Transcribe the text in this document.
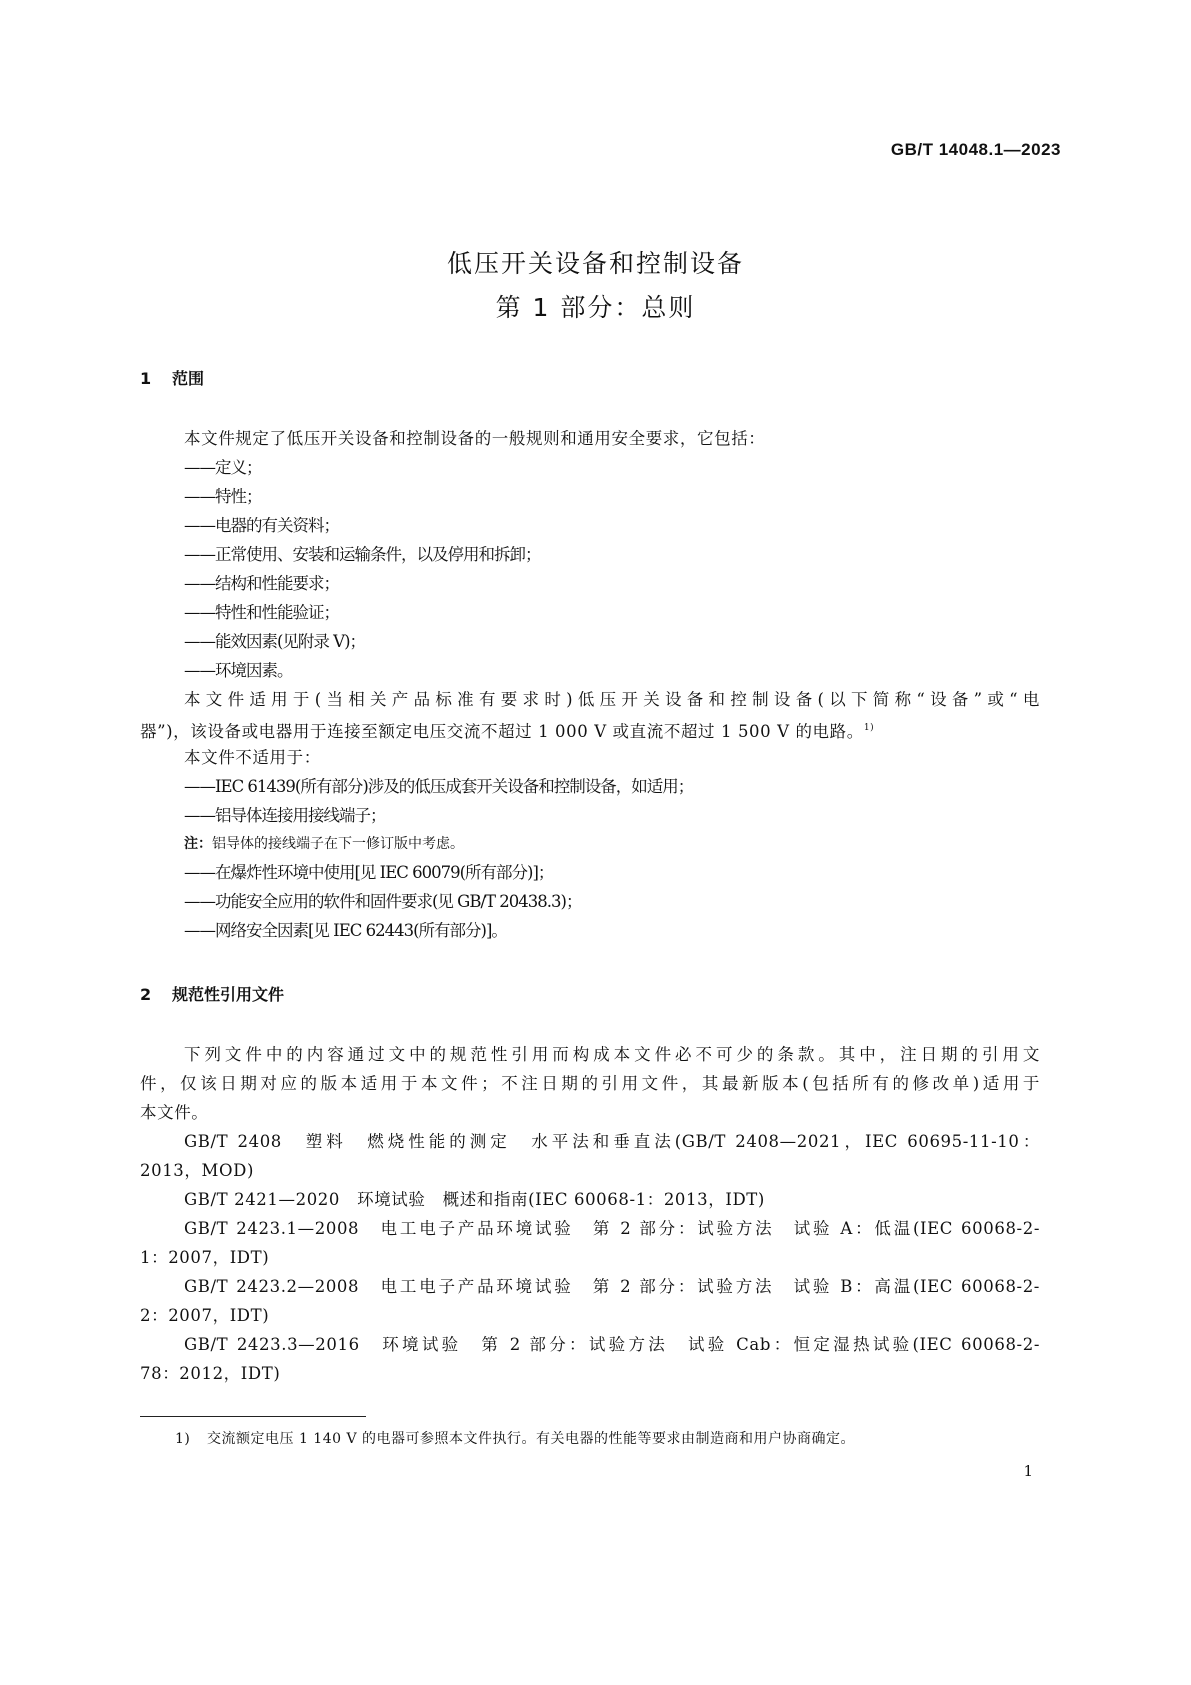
GB/T 14048.1—2023
低压开关设备和控制设备
第 1 部分：总则
1 范围
本文件规定了低压开关设备和控制设备的一般规则和通用安全要求，它包括：
——定义；
——特性；
——电器的有关资料；
——正常使用、安装和运输条件，以及停用和拆卸；
——结构和性能要求；
——特性和性能验证；
——能效因素(见附录 V)；
——环境因素。
本文件适用于(当相关产品标准有要求时)低压开关设备和控制设备(以下简称“设备”或“电
器”)，该设备或电器用于连接至额定电压交流不超过 1 000 V 或直流不超过 1 500 V 的电路。$^{1)}$
本文件不适用于：
——IEC 61439(所有部分)涉及的低压成套开关设备和控制设备，如适用；
——铝导体连接用接线端子；
注：铝导体的接线端子在下一修订版中考虑。
——在爆炸性环境中使用[见 IEC 60079(所有部分)]；
——功能安全应用的软件和固件要求(见 GB/T 20438.3)；
——网络安全因素[见 IEC 62443(所有部分)]。
2 规范性引用文件
下列文件中的内容通过文中的规范性引用而构成本文件必不可少的条款。其中，注日期的引用文
件，仅该日期对应的版本适用于本文件；不注日期的引用文件，其最新版本(包括所有的修改单)适用于
本文件。
GB/T 2408　塑料　燃烧性能的测定　水平法和垂直法(GB/T 2408—2021，IEC 60695-11-10：
2013，MOD)
GB/T 2421—2020　环境试验　概述和指南(IEC 60068-1：2013，IDT)
GB/T 2423.1—2008　电工电子产品环境试验　第 2 部分：试验方法　试验 A：低温(IEC 60068-2-
1：2007，IDT)
GB/T 2423.2—2008　电工电子产品环境试验　第 2 部分：试验方法　试验 B：高温(IEC 60068-2-
2：2007，IDT)
GB/T 2423.3—2016　环境试验　第 2 部分：试验方法　试验 Cab：恒定湿热试验(IEC 60068-2-
78：2012，IDT)
1) 交流额定电压 1 140 V 的电器可参照本文件执行。有关电器的性能等要求由制造商和用户协商确定。
1
